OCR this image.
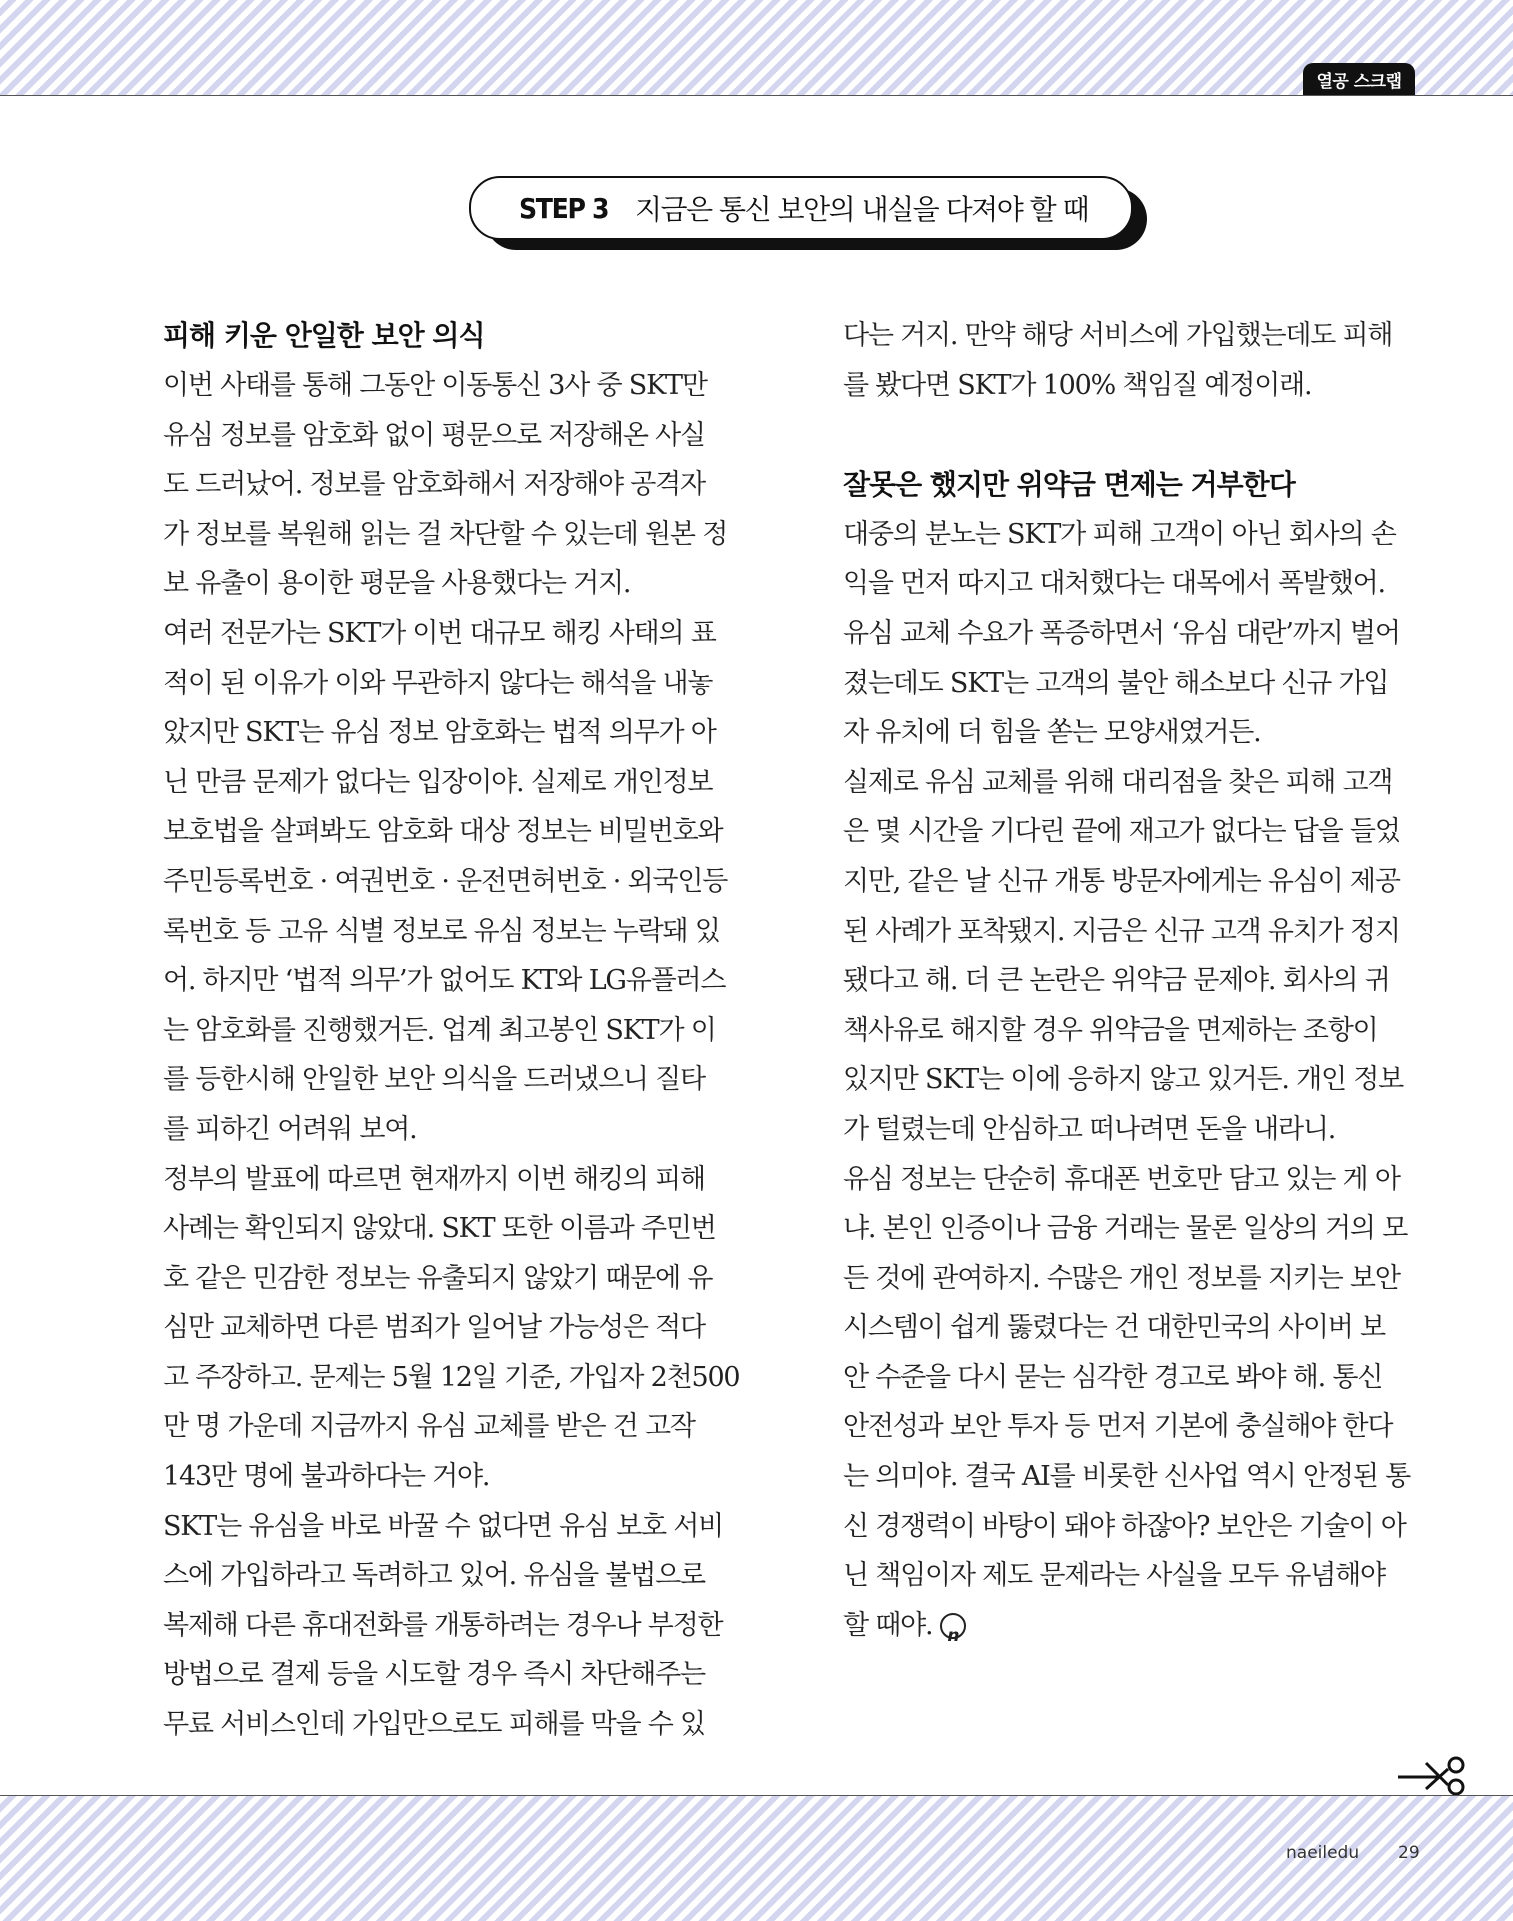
열공 스크랩
STEP 3 지금은 통신 보안의 내실을 다져야 할 때
피해 키운 안일한 보안 의식
이번 사태를 통해 그동안 이동통신 3사 중 SKT만
유심 정보를 암호화 없이 평문으로 저장해온 사실
도 드러났어. 정보를 암호화해서 저장해야 공격자
가 정보를 복원해 읽는 걸 차단할 수 있는데 원본 정
보 유출이 용이한 평문을 사용했다는 거지.
여러 전문가는 SKT가 이번 대규모 해킹 사태의 표
적이 된 이유가 이와 무관하지 않다는 해석을 내놓
았지만 SKT는 유심 정보 암호화는 법적 의무가 아
닌 만큼 문제가 없다는 입장이야. 실제로 개인정보
보호법을 살펴봐도 암호화 대상 정보는 비밀번호와
주민등록번호 · 여권번호 · 운전면허번호 · 외국인등
록번호 등 고유 식별 정보로 유심 정보는 누락돼 있
어. 하지만 ‘법적 의무’가 없어도 KT와 LG유플러스
는 암호화를 진행했거든. 업계 최고봉인 SKT가 이
를 등한시해 안일한 보안 의식을 드러냈으니 질타
를 피하긴 어려워 보여.
정부의 발표에 따르면 현재까지 이번 해킹의 피해
사례는 확인되지 않았대. SKT 또한 이름과 주민번
호 같은 민감한 정보는 유출되지 않았기 때문에 유
심만 교체하면 다른 범죄가 일어날 가능성은 적다
고 주장하고. 문제는 5월 12일 기준, 가입자 2천500
만 명 가운데 지금까지 유심 교체를 받은 건 고작
143만 명에 불과하다는 거야.
SKT는 유심을 바로 바꿀 수 없다면 유심 보호 서비
스에 가입하라고 독려하고 있어. 유심을 불법으로
복제해 다른 휴대전화를 개통하려는 경우나 부정한
방법으로 결제 등을 시도할 경우 즉시 차단해주는
무료 서비스인데 가입만으로도 피해를 막을 수 있
다는 거지. 만약 해당 서비스에 가입했는데도 피해
를 봤다면 SKT가 100% 책임질 예정이래.
잘못은 했지만 위약금 면제는 거부한다
대중의 분노는 SKT가 피해 고객이 아닌 회사의 손
익을 먼저 따지고 대처했다는 대목에서 폭발했어.
유심 교체 수요가 폭증하면서 ‘유심 대란’까지 벌어
졌는데도 SKT는 고객의 불안 해소보다 신규 가입
자 유치에 더 힘을 쏟는 모양새였거든.
실제로 유심 교체를 위해 대리점을 찾은 피해 고객
은 몇 시간을 기다린 끝에 재고가 없다는 답을 들었
지만, 같은 날 신규 개통 방문자에게는 유심이 제공
된 사례가 포착됐지. 지금은 신규 고객 유치가 정지
됐다고 해. 더 큰 논란은 위약금 문제야. 회사의 귀
책사유로 해지할 경우 위약금을 면제하는 조항이
있지만 SKT는 이에 응하지 않고 있거든. 개인 정보
가 털렸는데 안심하고 떠나려면 돈을 내라니.
유심 정보는 단순히 휴대폰 번호만 담고 있는 게 아
냐. 본인 인증이나 금융 거래는 물론 일상의 거의 모
든 것에 관여하지. 수많은 개인 정보를 지키는 보안
시스템이 쉽게 뚫렸다는 건 대한민국의 사이버 보
안 수준을 다시 묻는 심각한 경고로 봐야 해. 통신
안전성과 보안 투자 등 먼저 기본에 충실해야 한다
는 의미야. 결국 AI를 비롯한 신사업 역시 안정된 통
신 경쟁력이 바탕이 돼야 하잖아? 보안은 기술이 아
닌 책임이자 제도 문제라는 사실을 모두 유념해야
할 때야.n
naeiledu 29
